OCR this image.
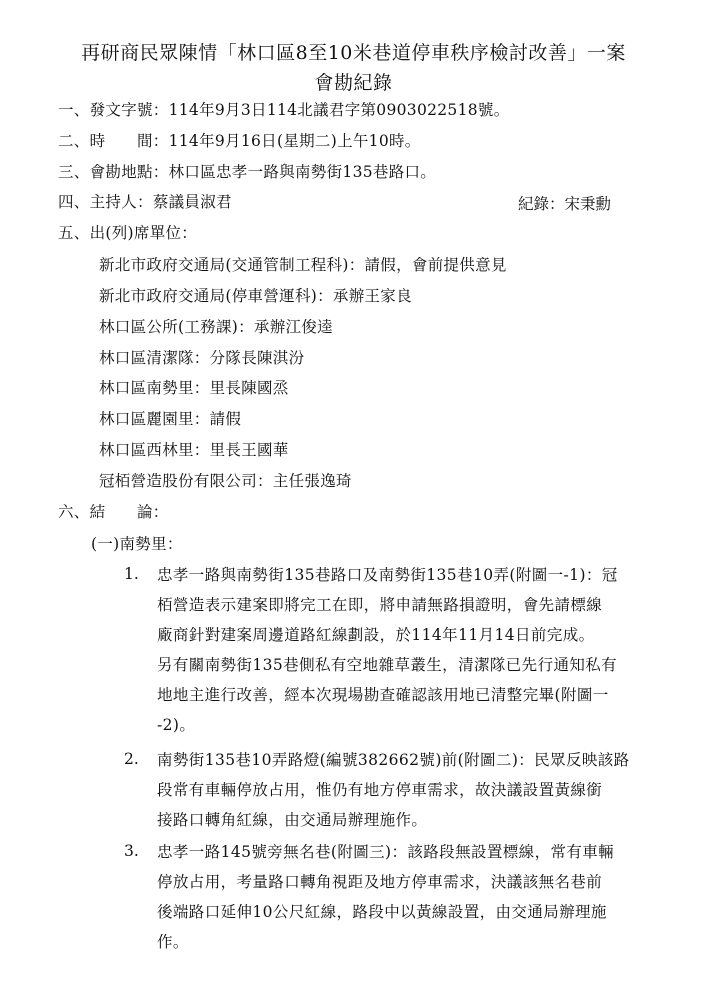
再研商民眾陳情「林口區8至10米巷道停車秩序檢討改善」一案
會勘紀錄
一、發文字號：114年9月3日114北議君字第0903022518號。
二、時　　間：114年9月16日(星期二)上午10時。
三、會勘地點：林口區忠孝一路與南勢街135巷路口。
四、主持人：蔡議員淑君	紀錄：宋秉勳
五、出(列)席單位：
新北市政府交通局(交通管制工程科)：請假，會前提供意見
新北市政府交通局(停車營運科)：承辦王家良
林口區公所(工務課)：承辦江俊逵
林口區清潔隊：分隊長陳淇汾
林口區南勢里：里長陳國烝
林口區麗園里：請假
林口區西林里：里長王國華
冠栢營造股份有限公司：主任張逸琦
六、結　　論：
(一)南勢里：
1. 忠孝一路與南勢街135巷路口及南勢街135巷10弄(附圖一-1)：冠
栢營造表示建案即將完工在即，將申請無路損證明，會先請標線
廠商針對建案周邊道路紅線劃設，於114年11月14日前完成。
另有關南勢街135巷側私有空地雜草叢生，清潔隊已先行通知私有
地地主進行改善，經本次現場勘查確認該用地已清整完畢(附圖一
-2)。
2. 南勢街135巷10弄路燈(編號382662號)前(附圖二)：民眾反映該路
段常有車輛停放占用，惟仍有地方停車需求，故決議設置黃線銜
接路口轉角紅線，由交通局辦理施作。
3. 忠孝一路145號旁無名巷(附圖三)：該路段無設置標線，常有車輛
停放占用，考量路口轉角視距及地方停車需求，決議該無名巷前
後端路口延伸10公尺紅線，路段中以黃線設置，由交通局辦理施
作。
